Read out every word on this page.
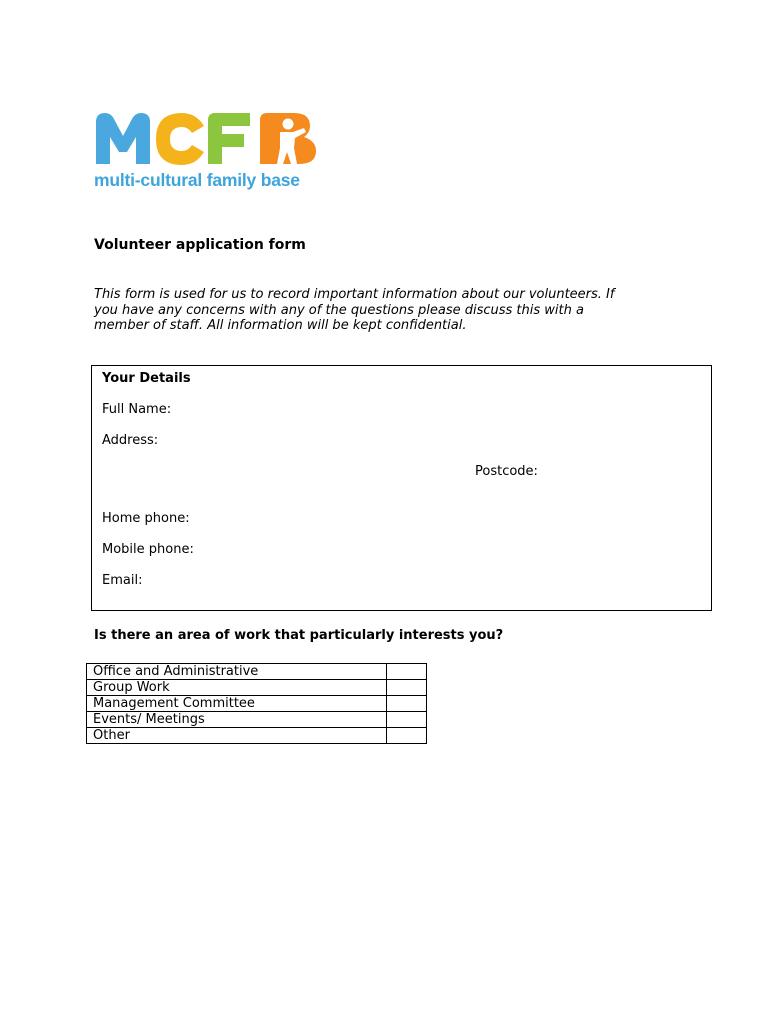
multi-cultural family base
Volunteer application form
This form is used for us to record important information about our volunteers. If
you have any concerns with any of the questions please discuss this with a
member of staff. All information will be kept confidential.
Your Details
Full Name:
Address:
Postcode:
Home phone:
Mobile phone:
Email:
Is there an area of work that particularly interests you?
Office and Administrative	
Group Work	
Management Committee	
Events/ Meetings	
Other	
